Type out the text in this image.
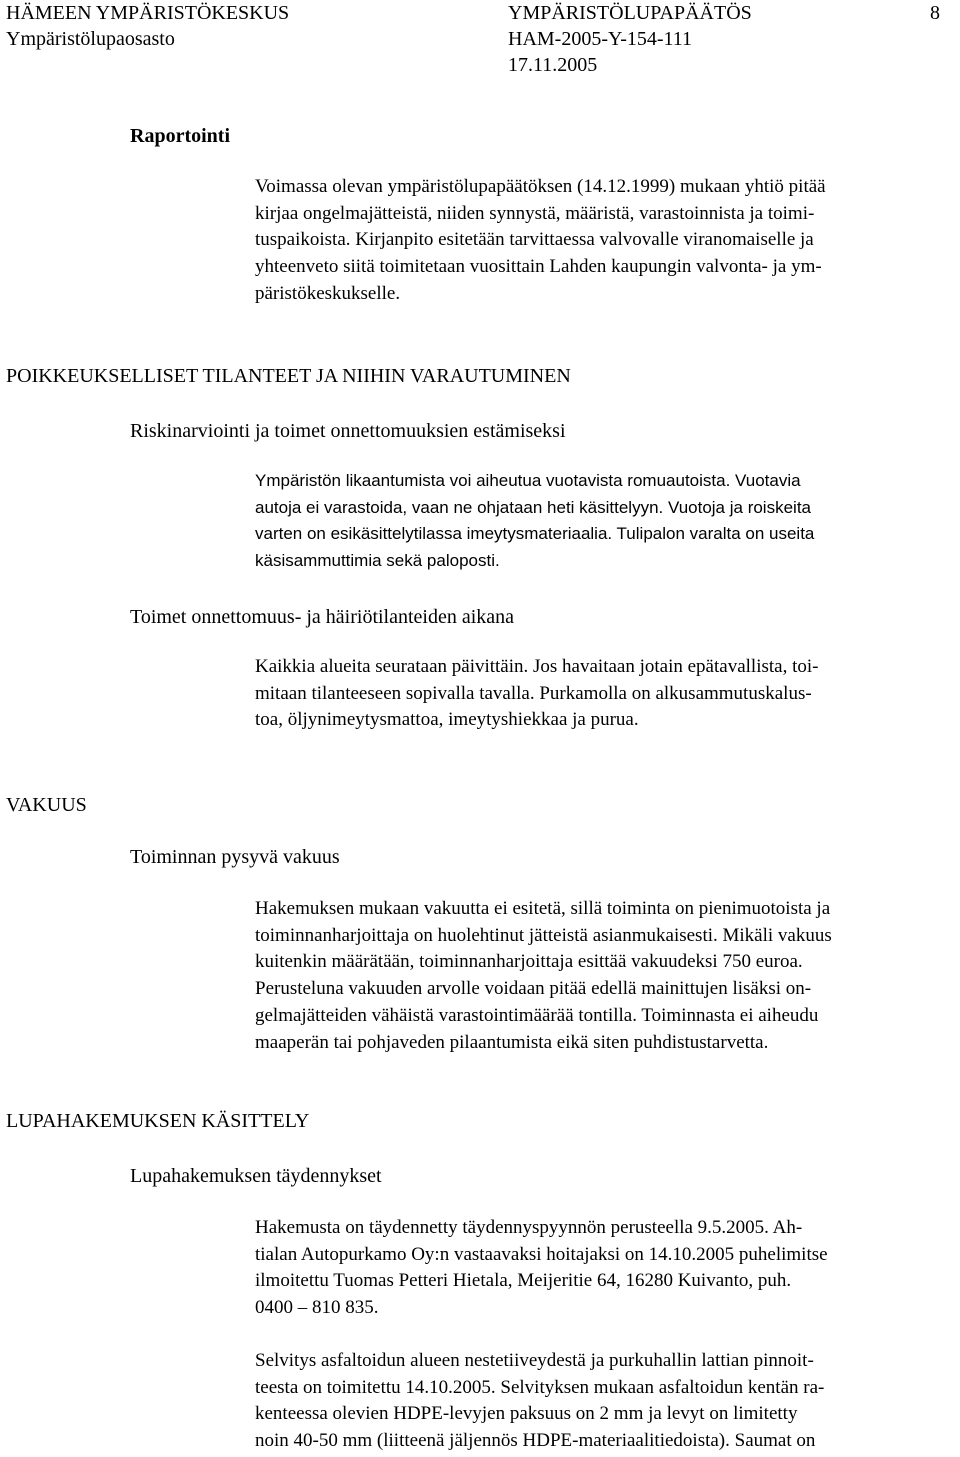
HÄMEEN YMPÄRISTÖKESKUS
Ympäristölupaosasto
YMPÄRISTÖLUPAPÄÄTÖS
HAM-2005-Y-154-111
17.11.2005
8
Raportointi
Voimassa olevan ympäristölupapäätöksen (14.12.1999) mukaan yhtiö pitää
kirjaa ongelmajätteistä, niiden synnystä, määristä, varastoinnista ja toimi-
tuspaikoista. Kirjanpito esitetään tarvittaessa valvovalle viranomaiselle ja
yhteenveto siitä toimitetaan vuosittain Lahden kaupungin valvonta- ja ym-
päristökeskukselle.
POIKKEUKSELLISET TILANTEET JA NIIHIN VARAUTUMINEN
Riskinarviointi ja toimet onnettomuuksien estämiseksi
Ympäristön likaantumista voi aiheutua vuotavista romuautoista. Vuotavia
autoja ei varastoida, vaan ne ohjataan heti käsittelyyn. Vuotoja ja roiskeita
varten on esikäsittelytilassa imeytysmateriaalia. Tulipalon varalta on useita
käsisammuttimia sekä paloposti.
Toimet onnettomuus- ja häiriötilanteiden aikana
Kaikkia alueita seurataan päivittäin. Jos havaitaan jotain epätavallista, toi-
mitaan tilanteeseen sopivalla tavalla. Purkamolla on alkusammutuskalus-
toa, öljynimeytysmattoa, imeytyshiekkaa ja purua.
VAKUUS
Toiminnan pysyvä vakuus
Hakemuksen mukaan vakuutta ei esitetä, sillä toiminta on pienimuotoista ja
toiminnanharjoittaja on huolehtinut jätteistä asianmukaisesti. Mikäli vakuus
kuitenkin määrätään, toiminnanharjoittaja esittää vakuudeksi 750 euroa.
Perusteluna vakuuden arvolle voidaan pitää edellä mainittujen lisäksi on-
gelmajätteiden vähäistä varastointimäärää tontilla. Toiminnasta ei aiheudu
maaperän tai pohjaveden pilaantumista eikä siten puhdistustarvetta.
LUPAHAKEMUKSEN KÄSITTELY
Lupahakemuksen täydennykset
Hakemusta on täydennetty täydennyspyynnön perusteella 9.5.2005. Ah-
tialan Autopurkamo Oy:n vastaavaksi hoitajaksi on 14.10.2005 puhelimitse
ilmoitettu Tuomas Petteri Hietala, Meijeritie 64, 16280 Kuivanto, puh.
0400 – 810 835.
Selvitys asfaltoidun alueen nestetiiveydestä ja purkuhallin lattian pinnoit-
teesta on toimitettu 14.10.2005. Selvityksen mukaan asfaltoidun kentän ra-
kenteessa olevien HDPE-levyjen paksuus on 2 mm ja levyt on limitetty
noin 40-50 mm (liitteenä jäljennös HDPE-materiaalitiedoista). Saumat on
